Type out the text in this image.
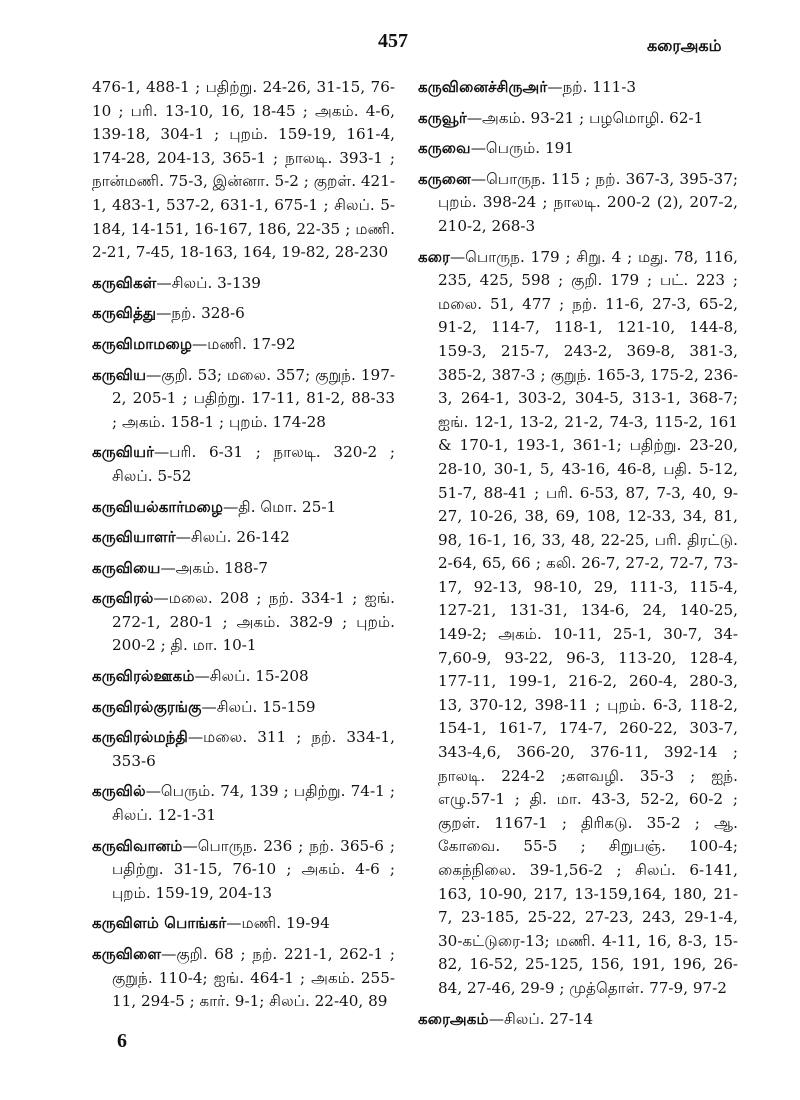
457	கரைஅகம்

476-1, 488-1 ; பதிற்று. 24-26, 31-15, 76-10 ; பரி. 13-10, 16, 18-45 ; அகம். 4-6, 139-18, 304-1 ; புறம். 159-19, 161-4, 174-28, 204-13, 365-1 ; நாலடி. 393-1 ; நான்மணி. 75-3, இன்னா. 5-2 ; குறள். 421-1, 483-1, 537-2, 631-1, 675-1 ; சிலப். 5-184, 14-151, 16-167, 186, 22-35 ; மணி. 2-21, 7-45, 18-163, 164, 19-82, 28-230

கருவிகள்—சிலப். 3-139

கருவித்து—நற். 328-6

கருவிமாமழை—மணி. 17-92

கருவிய—குறி. 53; மலை. 357; குறுந். 197-2, 205-1 ; பதிற்று. 17-11, 81-2, 88-33 ; அகம். 158-1 ; புறம். 174-28

கருவியர்—பரி. 6-31 ; நாலடி. 320-2 ; சிலப். 5-52

கருவியல்கார்மழை—தி. மொ. 25-1

கருவியாளர்—சிலப். 26-142

கருவியை—அகம். 188-7

கருவிரல்—மலை. 208 ; நற். 334-1 ; ஐங். 272-1, 280-1 ; அகம். 382-9 ; புறம். 200-2 ; தி. மா. 10-1

கருவிரல்ஊகம்—சிலப். 15-208

கருவிரல்குரங்கு—சிலப். 15-159

கருவிரல்மந்தி—மலை. 311 ; நற். 334-1, 353-6

கருவில்—பெரும். 74, 139 ; பதிற்று. 74-1 ; சிலப். 12-1-31

கருவிவானம்—பொருந. 236 ; நற். 365-6 ; பதிற்று. 31-15, 76-10 ; அகம். 4-6 ; புறம். 159-19, 204-13

கருவிளம் பொங்கர்—மணி. 19-94

கருவிளை—குறி. 68 ; நற். 221-1, 262-1 ; குறுந். 110-4; ஐங். 464-1 ; அகம். 255-11, 294-5 ; கார். 9-1; சிலப். 22-40, 89

கருவினைச்சிருஅர்—நற். 111-3

கருவூர்—அகம். 93-21 ; பழமொழி. 62-1

கருவை—பெரும். 191

கருனை—பொருந. 115 ; நற். 367-3, 395-37; புறம். 398-24 ; நாலடி. 200-2 (2), 207-2, 210-2, 268-3

கரை—பொருந. 179 ; சிறு. 4 ; மது. 78, 116, 235, 425, 598 ; குறி. 179 ; பட். 223 ; மலை. 51, 477 ; நற். 11-6, 27-3, 65-2, 91-2, 114-7, 118-1, 121-10, 144-8, 159-3, 215-7, 243-2, 369-8, 381-3, 385-2, 387-3 ; குறுந். 165-3, 175-2, 236-3, 264-1, 303-2, 304-5, 313-1, 368-7; ஐங். 12-1, 13-2, 21-2, 74-3, 115-2, 161 & 170-1, 193-1, 361-1; பதிற்று. 23-20, 28-10, 30-1, 5, 43-16, 46-8, பதி. 5-12, 51-7, 88-41 ; பரி. 6-53, 87, 7-3, 40, 9-27, 10-26, 38, 69, 108, 12-33, 34, 81, 98, 16-1, 16, 33, 48, 22-25, பரி. திரட்டு. 2-64, 65, 66 ; கலி. 26-7, 27-2, 72-7, 73-17, 92-13, 98-10, 29, 111-3, 115-4, 127-21, 131-31, 134-6, 24, 140-25, 149-2; அகம். 10-11, 25-1, 30-7, 34-7,60-9, 93-22, 96-3, 113-20, 128-4, 177-11, 199-1, 216-2, 260-4, 280-3, 13, 370-12, 398-11 ; புறம். 6-3, 118-2, 154-1, 161-7, 174-7, 260-22, 303-7, 343-4,6, 366-20, 376-11, 392-14 ; நாலடி. 224-2 ;களவழி. 35-3 ; ஐந். எழு.57-1 ; தி. மா. 43-3, 52-2, 60-2 ; குறள். 1167-1 ; திரிகடு. 35-2 ; ஆ. கோவை. 55-5 ; சிறுபஞ். 100-4; கைந்நிலை. 39-1,56-2 ; சிலப். 6-141, 163, 10-90, 217, 13-159,164, 180, 21-7, 23-185, 25-22, 27-23, 243, 29-1-4, 30-கட்டுரை-13; மணி. 4-11, 16, 8-3, 15-82, 16-52, 25-125, 156, 191, 196, 26-84, 27-46, 29-9 ; முத்தொள். 77-9, 97-2

கரைஅகம்—சிலப். 27-14

6
